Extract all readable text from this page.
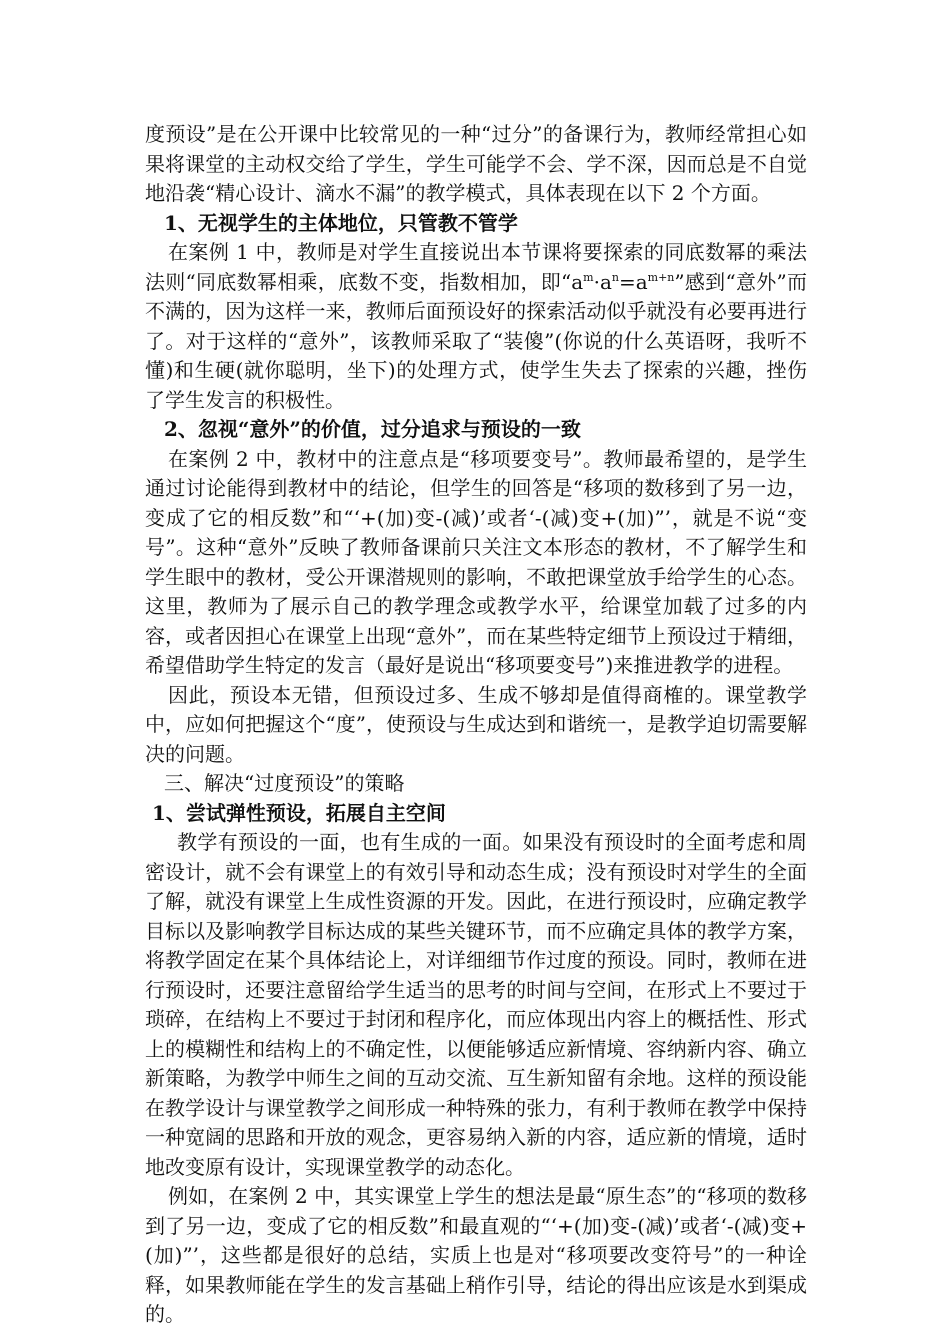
度预设”是在公开课中比较常见的一种“过分”的备课行为，教师经常担心如果将课堂的主动权交给了学生，学生可能学不会、学不深，因而总是不自觉地沿袭“精心设计、滴水不漏”的教学模式，具体表现在以下 2 个方面。

1、无视学生的主体地位，只管教不管学

在案例 1 中，教师是对学生直接说出本节课将要探索的同底数幂的乘法法则“同底数幂相乘，底数不变，指数相加，即“$a^m\cdot a^n=a^{m+n}$”感到“意外”而不满的，因为这样一来，教师后面预设好的探索活动似乎就没有必要再进行了。对于这样的“意外”，该教师采取了“装傻”(你说的什么英语呀，我听不懂)和生硬(就你聪明，坐下)的处理方式，使学生失去了探索的兴趣，挫伤了学生发言的积极性。

2、忽视“意外”的价值，过分追求与预设的一致

在案例 2 中，教材中的注意点是“移项要变号”。教师最希望的，是学生通过讨论能得到教材中的结论，但学生的回答是“移项的数移到了另一边，变成了它的相反数”和“‘+(加)变-(减)’或者‘-(减)变+(加)”’，就是不说“变号”。这种“意外”反映了教师备课前只关注文本形态的教材，不了解学生和学生眼中的教材，受公开课潜规则的影响，不敢把课堂放手给学生的心态。这里，教师为了展示自己的教学理念或教学水平，给课堂加载了过多的内容，或者因担心在课堂上出现“意外”，而在某些特定细节上预设过于精细，希望借助学生特定的发言（最好是说出“移项要变号”)来推进教学的进程。

因此，预设本无错，但预设过多、生成不够却是值得商榷的。课堂教学中，应如何把握这个“度”，使预设与生成达到和谐统一，是教学迫切需要解决的问题。

三、解决“过度预设”的策略

1、尝试弹性预设，拓展自主空间

教学有预设的一面，也有生成的一面。如果没有预设时的全面考虑和周密设计，就不会有课堂上的有效引导和动态生成；没有预设时对学生的全面了解，就没有课堂上生成性资源的开发。因此，在进行预设时，应确定教学目标以及影响教学目标达成的某些关键环节，而不应确定具体的教学方案，将教学固定在某个具体结论上，对详细细节作过度的预设。同时，教师在进行预设时，还要注意留给学生适当的思考的时间与空间，在形式上不要过于琐碎，在结构上不要过于封闭和程序化，而应体现出内容上的概括性、形式上的模糊性和结构上的不确定性，以便能够适应新情境、容纳新内容、确立新策略，为教学中师生之间的互动交流、互生新知留有余地。这样的预设能在教学设计与课堂教学之间形成一种特殊的张力，有利于教师在教学中保持一种宽阔的思路和开放的观念，更容易纳入新的内容，适应新的情境，适时地改变原有设计，实现课堂教学的动态化。

例如，在案例 2 中，其实课堂上学生的想法是最“原生态”的“移项的数移到了另一边，变成了它的相反数”和最直观的“‘+(加)变-(减)’或者‘-(减)变+(加)”’，这些都是很好的总结，实质上也是对“移项要改变符号”的一种诠释，如果教师能在学生的发言基础上稍作引导，结论的得出应该是水到渠成的。
